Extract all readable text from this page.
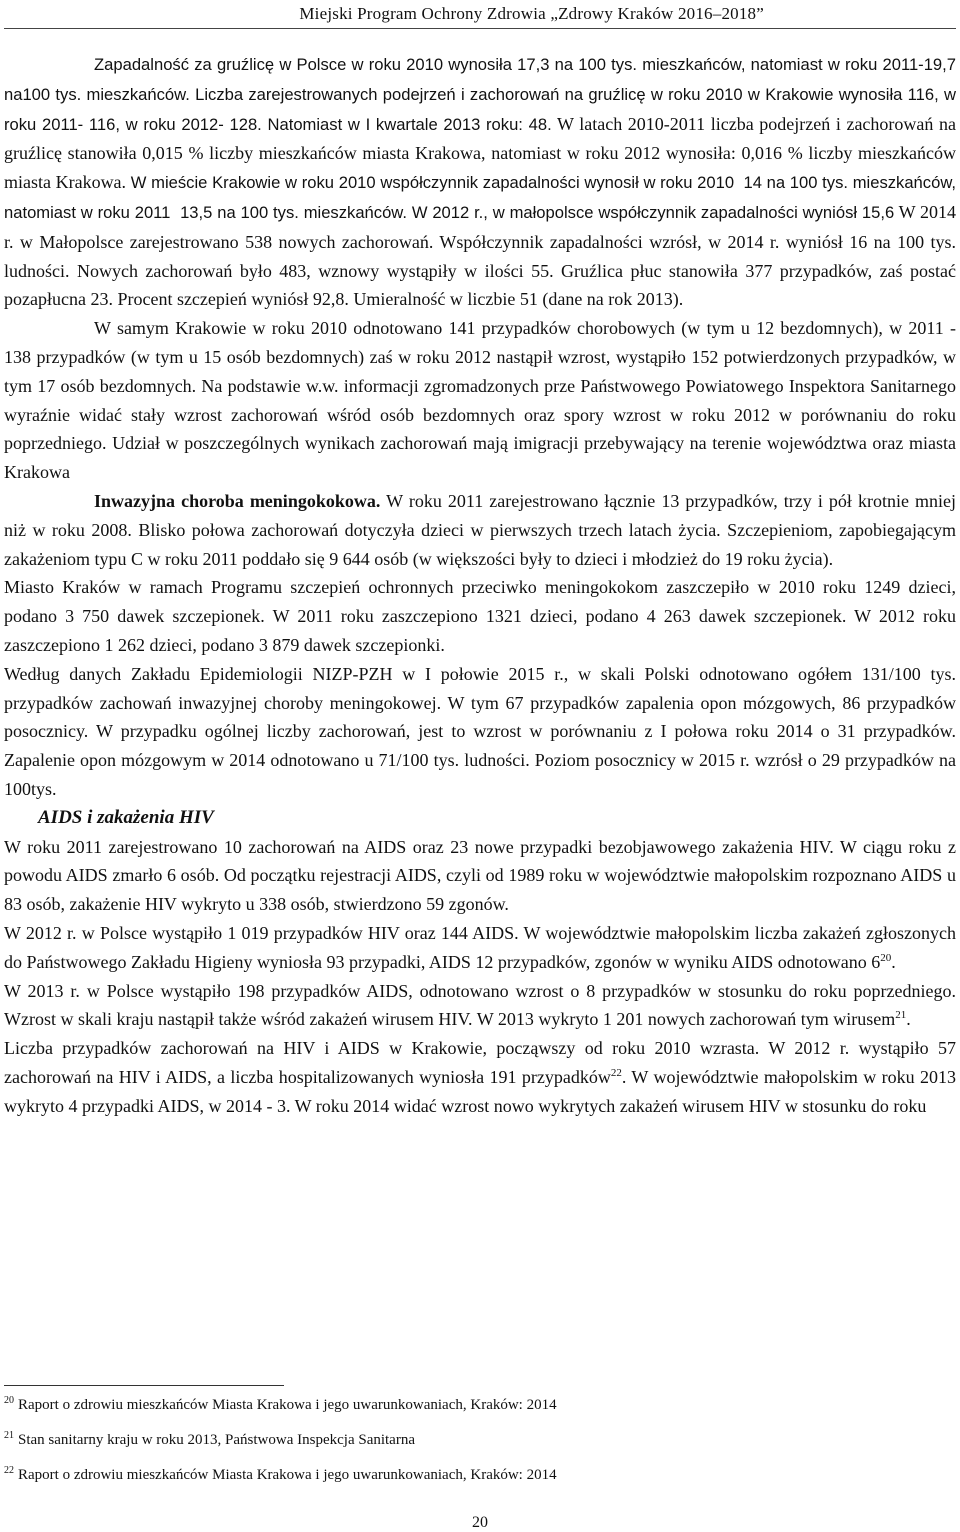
Miejski Program Ochrony Zdrowia „Zdrowy Kraków 2016–2018”

Zapadalność za gruźlicę w Polsce w roku 2010 wynosiła 17,3 na 100 tys. mieszkańców, natomiast w roku 2011-19,7 na100 tys. mieszkańców. Liczba zarejestrowanych podejrzeń i zachorowań na gruźlicę w roku 2010 w Krakowie wynosiła 116, w roku 2011- 116, w roku 2012- 128. Natomiast w I kwartale 2013 roku: 48. W latach 2010-2011 liczba podejrzeń i zachorowań na gruźlicę stanowiła 0,015 % liczby mieszkańców miasta Krakowa, natomiast w roku 2012 wynosiła: 0,016 % liczby mieszkańców miasta Krakowa. W mieście Krakowie w roku 2010 współczynnik zapadalności wynosił w roku 2010  14 na 100 tys. mieszkańców, natomiast w roku 2011  13,5 na 100 tys. mieszkańców. W 2012 r., w małopolsce współczynnik zapadalności wyniósł 15,6 W 2014 r. w Małopolsce zarejestrowano 538 nowych zachorowań. Współczynnik zapadalności wzrósł, w 2014 r. wyniósł 16 na 100 tys. ludności. Nowych zachorowań było 483, wznowy wystąpiły w ilości 55. Gruźlica płuc stanowiła 377 przypadków, zaś postać pozapłucna 23. Procent szczepień wyniósł 92,8. Umieralność w liczbie 51 (dane na rok 2013).

W samym Krakowie w roku 2010 odnotowano 141 przypadków chorobowych (w tym u 12 bezdomnych), w 2011 - 138 przypadków (w tym u 15 osób bezdomnych) zaś w roku 2012 nastąpił wzrost, wystąpiło 152 potwierdzonych przypadków, w tym 17 osób bezdomnych. Na podstawie w.w. informacji zgromadzonych prze Państwowego Powiatowego Inspektora Sanitarnego wyraźnie widać stały wzrost zachorowań wśród osób bezdomnych oraz spory wzrost w roku 2012 w porównaniu do roku poprzedniego. Udział w poszczególnych wynikach zachorowań mają imigracji przebywający na terenie województwa oraz miasta Krakowa

Inwazyjna choroba meningokokowa. W roku 2011 zarejestrowano łącznie 13 przypadków, trzy i pół krotnie mniej niż w roku 2008. Blisko połowa zachorowań dotyczyła dzieci w pierwszych trzech latach życia. Szczepieniom, zapobiegającym zakażeniom typu C w roku 2011 poddało się 9 644 osób (w większości były to dzieci i młodzież do 19 roku życia).

Miasto Kraków w ramach Programu szczepień ochronnych przeciwko meningokokom zaszczepiło w 2010 roku 1249 dzieci, podano 3 750 dawek szczepionek. W 2011 roku zaszczepiono 1321 dzieci, podano 4 263 dawek szczepionek. W 2012 roku zaszczepiono 1 262 dzieci, podano 3 879 dawek szczepionki.

Według danych Zakładu Epidemiologii NIZP-PZH w I połowie 2015 r., w skali Polski odnotowano ogółem 131/100 tys. przypadków zachowań inwazyjnej choroby meningokowej. W tym 67 przypadków zapalenia opon mózgowych, 86 przypadków posocznicy. W przypadku ogólnej liczby zachorowań, jest to wzrost w porównaniu z I połowa roku 2014 o 31 przypadków. Zapalenie opon mózgowym w 2014 odnotowano u 71/100 tys. ludności. Poziom posocznicy w 2015 r. wzrósł o 29 przypadków na 100tys.

AIDS i zakażenia HIV

W roku 2011 zarejestrowano 10 zachorowań na AIDS oraz 23 nowe przypadki bezobjawowego zakażenia HIV. W ciągu roku z powodu AIDS zmarło 6 osób. Od początku rejestracji AIDS, czyli od 1989 roku w województwie małopolskim rozpoznano AIDS u 83 osób, zakażenie HIV wykryto u 338 osób, stwierdzono 59 zgonów.

W 2012 r. w Polsce wystąpiło 1 019 przypadków HIV oraz 144 AIDS. W województwie małopolskim liczba zakażeń zgłoszonych do Państwowego Zakładu Higieny wyniosła 93 przypadki, AIDS 12 przypadków, zgonów w wyniku AIDS odnotowano $6^{20}$.

W 2013 r. w Polsce wystąpiło 198 przypadków AIDS, odnotowano wzrost o 8 przypadków w stosunku do roku poprzedniego. Wzrost w skali kraju nastąpił także wśród zakażeń wirusem HIV. W 2013 wykryto 1 201 nowych zachorowań tym wirusem$^{21}$.

Liczba przypadków zachorowań na HIV i AIDS w Krakowie, począwszy od roku 2010 wzrasta. W 2012 r. wystąpiło 57 zachorowań na HIV i AIDS, a liczba hospitalizowanych wyniosła 191 przypadków$^{22}$. W województwie małopolskim w roku 2013 wykryto 4 przypadki AIDS, w 2014 - 3. W roku 2014 widać wzrost nowo wykrytych zakażeń wirusem HIV w stosunku do roku

$^{20}$ Raport o zdrowiu mieszkańców Miasta Krakowa i jego uwarunkowaniach, Kraków: 2014

$^{21}$ Stan sanitarny kraju w roku 2013, Państwowa Inspekcja Sanitarna

$^{22}$ Raport o zdrowiu mieszkańców Miasta Krakowa i jego uwarunkowaniach, Kraków: 2014

20
